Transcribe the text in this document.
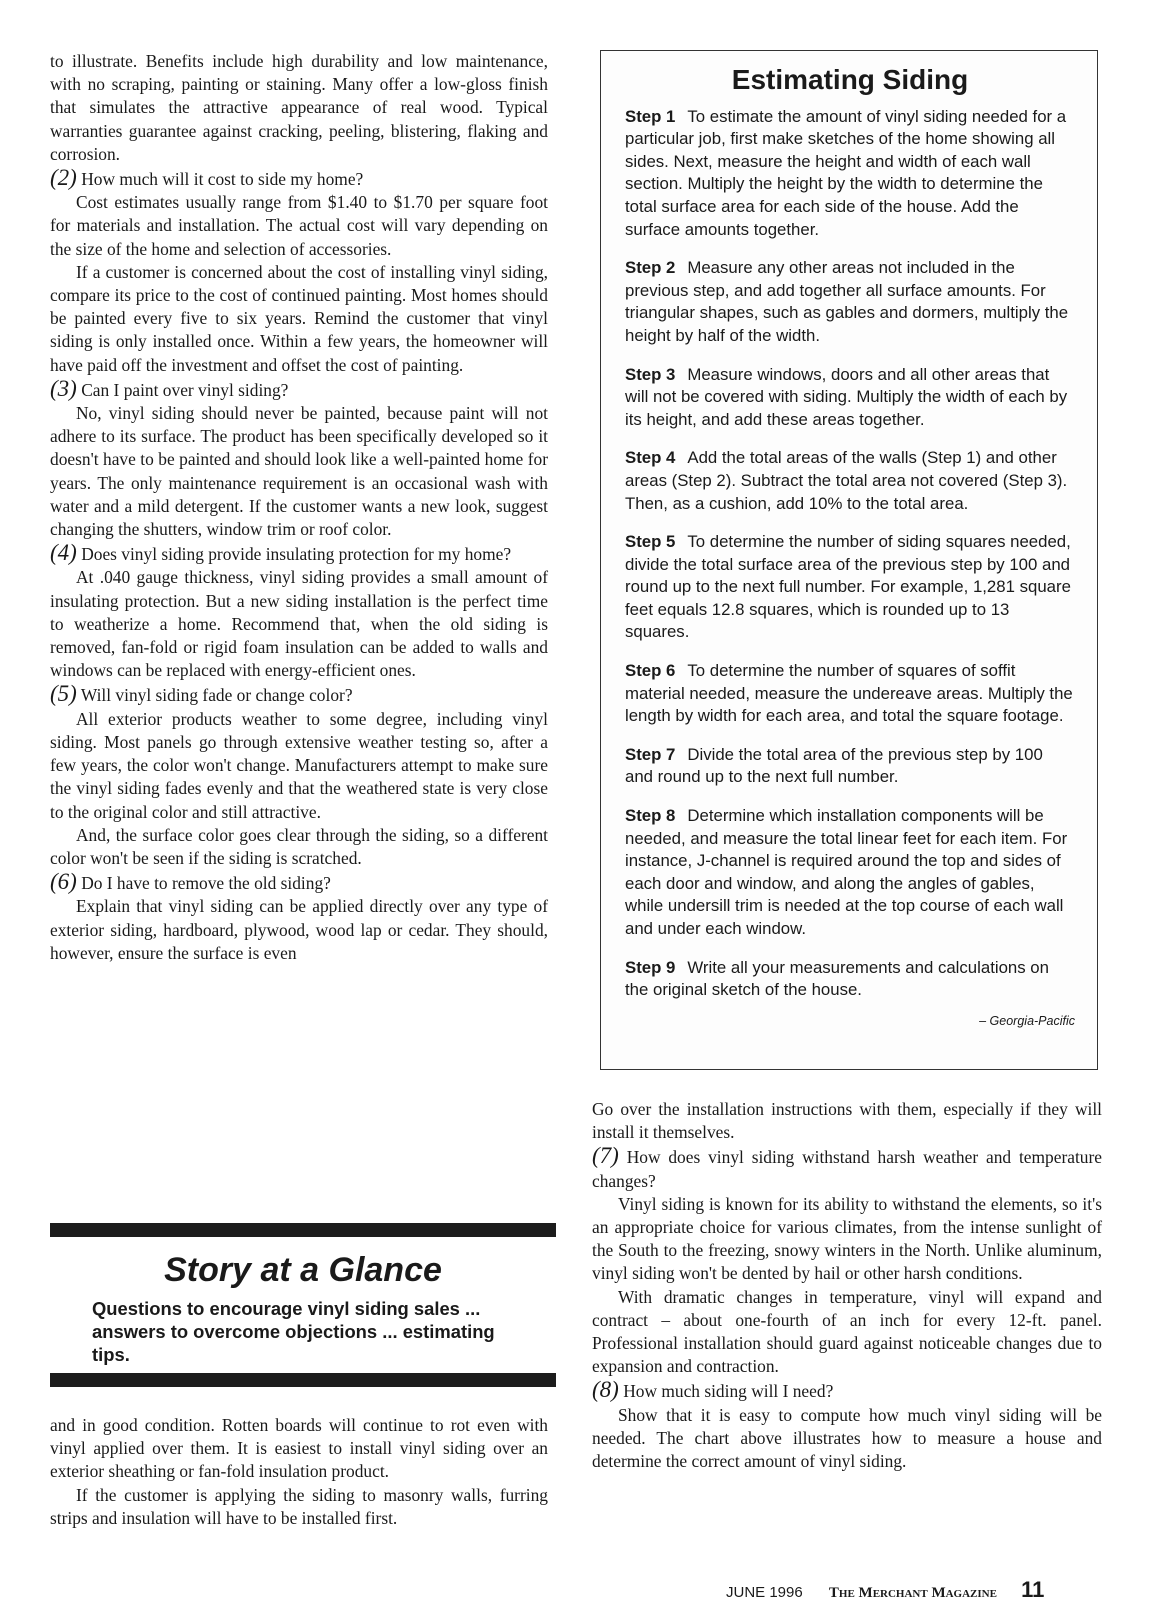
to illustrate. Benefits include high durability and low maintenance, with no scraping, painting or staining. Many offer a low-gloss finish that simulates the attractive appearance of real wood. Typical warranties guarantee against cracking, peeling, blistering, flaking and corrosion.

(2) How much will it cost to side my home?

Cost estimates usually range from $1.40 to $1.70 per square foot for materials and installation. The actual cost will vary depending on the size of the home and selection of accessories.

If a customer is concerned about the cost of installing vinyl siding, compare its price to the cost of continued painting. Most homes should be painted every five to six years. Remind the customer that vinyl siding is only installed once. Within a few years, the homeowner will have paid off the investment and offset the cost of painting.

(3) Can I paint over vinyl siding?

No, vinyl siding should never be painted, because paint will not adhere to its surface. The product has been specifically developed so it doesn't have to be painted and should look like a well-painted home for years. The only maintenance requirement is an occasional wash with water and a mild detergent. If the customer wants a new look, suggest changing the shutters, window trim or roof color.

(4) Does vinyl siding provide insulating protection for my home?

At .040 gauge thickness, vinyl siding provides a small amount of insulating protection. But a new siding installation is the perfect time to weatherize a home. Recommend that, when the old siding is removed, fan-fold or rigid foam insulation can be added to walls and windows can be replaced with energy-efficient ones.

(5) Will vinyl siding fade or change color?

All exterior products weather to some degree, including vinyl siding. Most panels go through extensive weather testing so, after a few years, the color won't change. Manufacturers attempt to make sure the vinyl siding fades evenly and that the weathered state is very close to the original color and still attractive.

And, the surface color goes clear through the siding, so a different color won't be seen if the siding is scratched.

(6) Do I have to remove the old siding?

Explain that vinyl siding can be applied directly over any type of exterior siding, hardboard, plywood, wood lap or cedar. They should, however, ensure the surface is even

Story at a Glance

Questions to encourage vinyl siding sales ... answers to overcome objections ... estimating tips.

and in good condition. Rotten boards will continue to rot even with vinyl applied over them. It is easiest to install vinyl siding over an exterior sheathing or fan-fold insulation product.

If the customer is applying the siding to masonry walls, furring strips and insulation will have to be installed first.

Estimating Siding

Step 1 To estimate the amount of vinyl siding needed for a particular job, first make sketches of the home showing all sides. Next, measure the height and width of each wall section. Multiply the height by the width to determine the total surface area for each side of the house. Add the surface amounts together.

Step 2 Measure any other areas not included in the previous step, and add together all surface amounts. For triangular shapes, such as gables and dormers, multiply the height by half of the width.

Step 3 Measure windows, doors and all other areas that will not be covered with siding. Multiply the width of each by its height, and add these areas together.

Step 4 Add the total areas of the walls (Step 1) and other areas (Step 2). Subtract the total area not covered (Step 3). Then, as a cushion, add 10% to the total area.

Step 5 To determine the number of siding squares needed, divide the total surface area of the previous step by 100 and round up to the next full number. For example, 1,281 square feet equals 12.8 squares, which is rounded up to 13 squares.

Step 6 To determine the number of squares of soffit material needed, measure the undereave areas. Multiply the length by width for each area, and total the square footage.

Step 7 Divide the total area of the previous step by 100 and round up to the next full number.

Step 8 Determine which installation components will be needed, and measure the total linear feet for each item. For instance, J-channel is required around the top and sides of each door and window, and along the angles of gables, while undersill trim is needed at the top course of each wall and under each window.

Step 9 Write all your measurements and calculations on the original sketch of the house.

– Georgia-Pacific

Go over the installation instructions with them, especially if they will install it themselves.

(7) How does vinyl siding withstand harsh weather and temperature changes?

Vinyl siding is known for its ability to withstand the elements, so it's an appropriate choice for various climates, from the intense sunlight of the South to the freezing, snowy winters in the North. Unlike aluminum, vinyl siding won't be dented by hail or other harsh conditions.

With dramatic changes in temperature, vinyl will expand and contract – about one-fourth of an inch for every 12-ft. panel. Professional installation should guard against noticeable changes due to expansion and contraction.

(8) How much siding will I need?

Show that it is easy to compute how much vinyl siding will be needed. The chart above illustrates how to measure a house and determine the correct amount of vinyl siding.

JUNE 1996 The Merchant Magazine 11
